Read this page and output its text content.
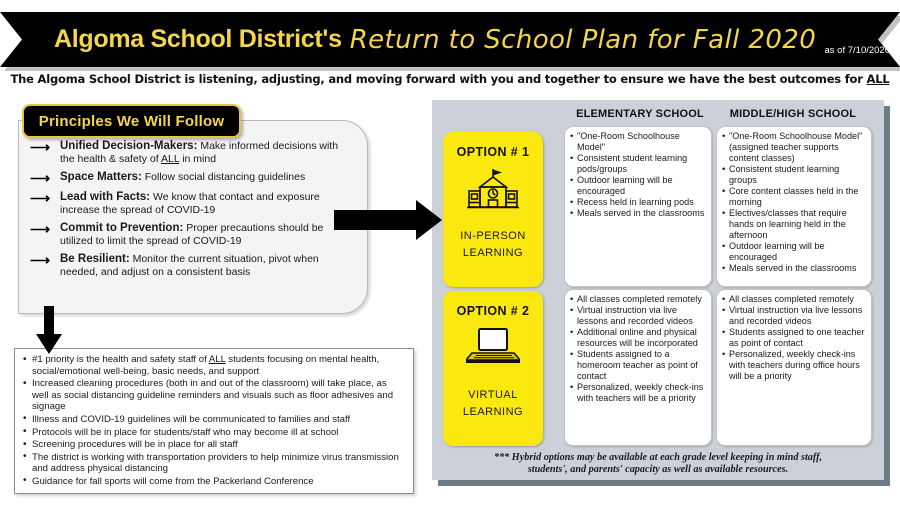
Algoma School District's Return to School Plan for Fall 2020 as of 7/10/2020
The Algoma School District is listening, adjusting, and moving forward with you and together to ensure we have the best outcomes for ALL
Principles We Will Follow
⟶ Unified Decision-Makers: Make informed decisions with the health & safety of ALL in mind
⟶ Space Matters: Follow social distancing guidelines
⟶ Lead with Facts: We know that contact and exposure increase the spread of COVID-19
⟶ Commit to Prevention: Proper precautions should be utilized to limit the spread of COVID-19
⟶ Be Resilient: Monitor the current situation, pivot when needed, and adjust on a consistent basis
• #1 priority is the health and safety staff of ALL students focusing on mental health, social/emotional well-being, basic needs, and support
• Increased cleaning procedures (both in and out of the classroom) will take place, as well as social distancing guideline reminders and visuals such as floor adhesives and signage
• Illness and COVID-19 guidelines will be communicated to families and staff
• Protocols will be in place for students/staff who may become ill at school
• Screening procedures will be in place for all staff
• The district is working with transportation providers to help minimize virus transmission and address physical distancing
• Guidance for fall sports will come from the Packerland Conference
ELEMENTARY SCHOOL	MIDDLE/HIGH SCHOOL
OPTION # 1
IN-PERSON
LEARNING
OPTION # 2
VIRTUAL
LEARNING
• "One-Room Schoolhouse Model"
• Consistent student learning pods/groups
• Outdoor learning will be encouraged
• Recess held in learning pods
• Meals served in the classrooms
• "One-Room Schoolhouse Model" (assigned teacher supports content classes)
• Consistent student learning groups
• Core content classes held in the morning
• Electives/classes that require hands on learning held in the afternoon
• Outdoor learning will be encouraged
• Meals served in the classrooms
• All classes completed remotely
• Virtual instruction via live lessons and recorded videos
• Additional online and physical resources will be incorporated
• Students assigned to a homeroom teacher as point of contact
• Personalized, weekly check-ins with teachers will be a priority
• All classes completed remotely
• Virtual instruction via live lessons and recorded videos
• Students assigned to one teacher as point of contact
• Personalized, weekly check-ins with teachers during office hours will be a priority
*** Hybrid options may be available at each grade level keeping in mind staff,
students', and parents' capacity as well as available resources.
